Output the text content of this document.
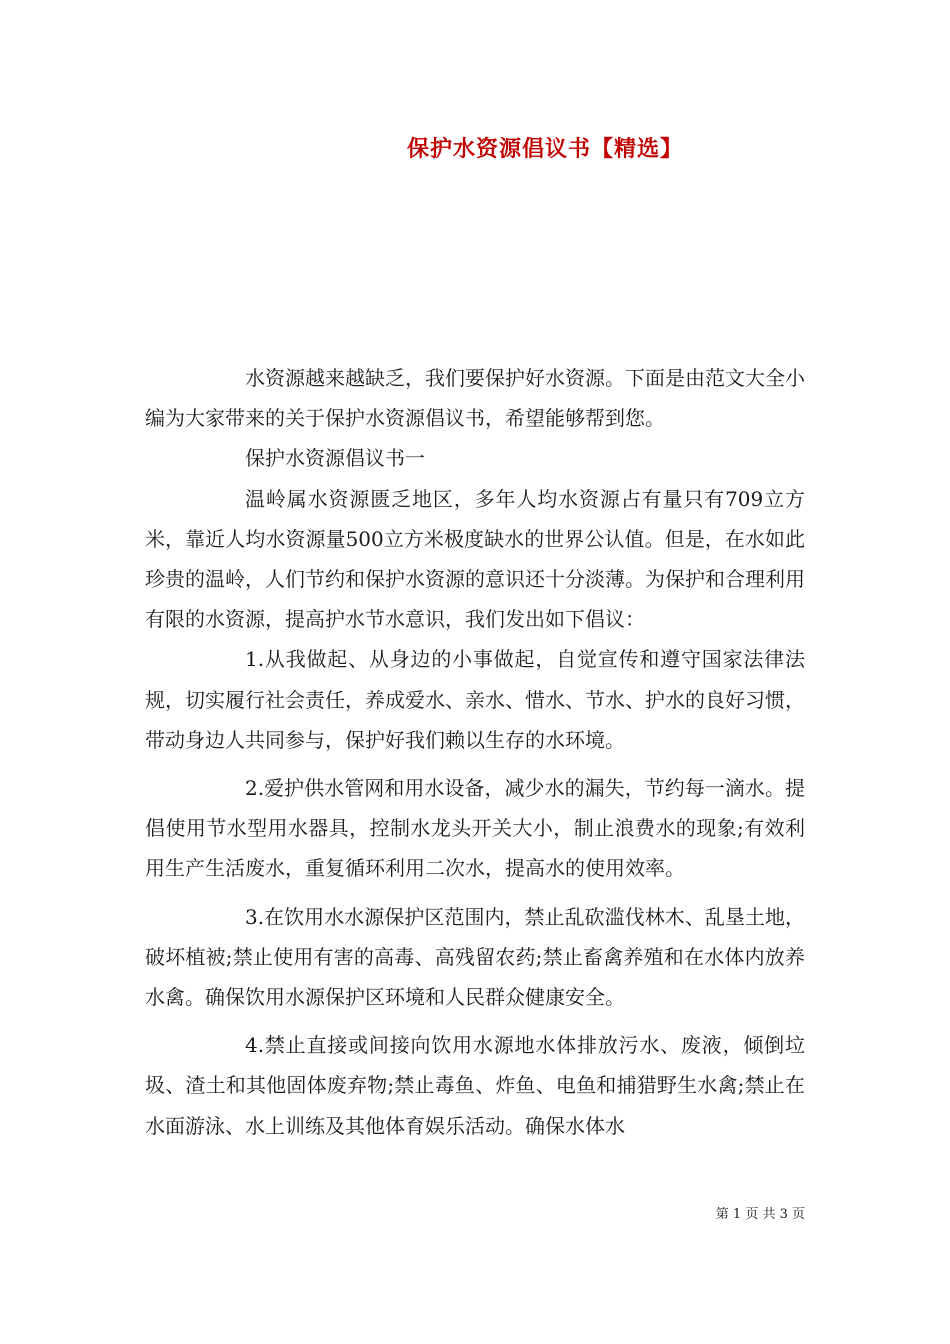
保护水资源倡议书【精选】

水资源越来越缺乏，我们要保护好水资源。下面是由范文大全小编为大家带来的关于保护水资源倡议书，希望能够帮到您。

保护水资源倡议书一

温岭属水资源匮乏地区，多年人均水资源占有量只有709立方米，靠近人均水资源量500立方米极度缺水的世界公认值。但是，在水如此珍贵的温岭，人们节约和保护水资源的意识还十分淡薄。为保护和合理利用有限的水资源，提高护水节水意识，我们发出如下倡议：

1.从我做起、从身边的小事做起，自觉宣传和遵守国家法律法规，切实履行社会责任，养成爱水、亲水、惜水、节水、护水的良好习惯，带动身边人共同参与，保护好我们赖以生存的水环境。

2.爱护供水管网和用水设备，减少水的漏失，节约每一滴水。提倡使用节水型用水器具，控制水龙头开关大小，制止浪费水的现象;有效利用生产生活废水，重复循环利用二次水，提高水的使用效率。

3.在饮用水水源保护区范围内，禁止乱砍滥伐林木、乱垦土地，破坏植被;禁止使用有害的高毒、高残留农药;禁止畜禽养殖和在水体内放养水禽。确保饮用水源保护区环境和人民群众健康安全。

4.禁止直接或间接向饮用水源地水体排放污水、废液，倾倒垃圾、渣土和其他固体废弃物;禁止毒鱼、炸鱼、电鱼和捕猎野生水禽;禁止在水面游泳、水上训练及其他体育娱乐活动。确保水体水

第 1 页 共 3 页
